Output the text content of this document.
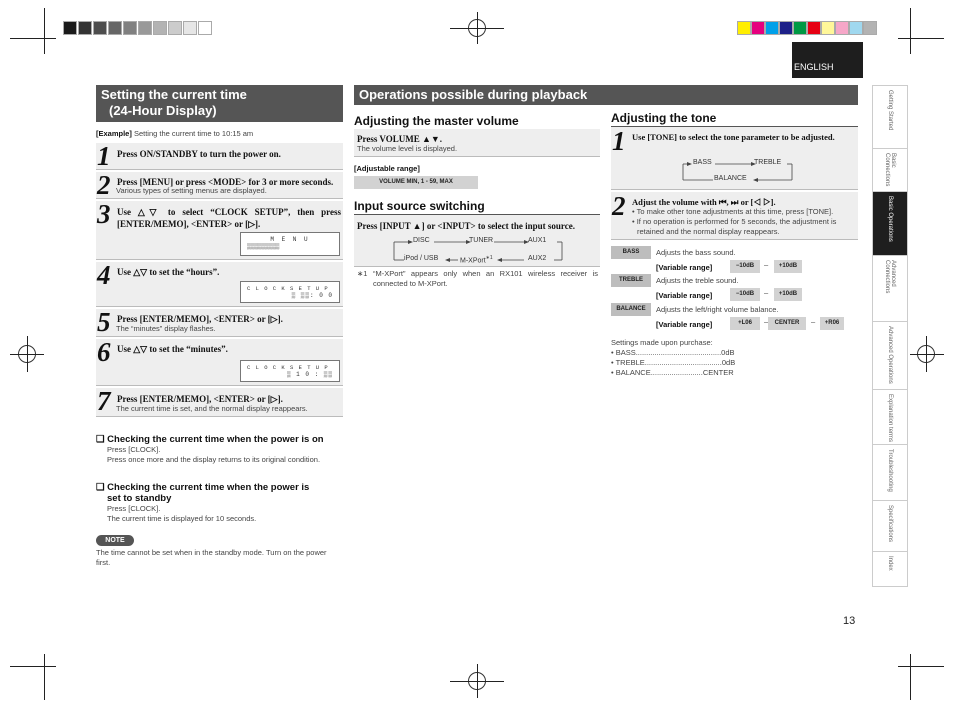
ENGLISH
Getting Started
Basic Connections
Basic Operations
Advanced Connections
Advanced Operations
Explanation terms
Troubleshooting
Specifications
Index
Setting the current time
(24-Hour Display)
[Example] Setting the current time to 10:15 am
1 Press ON/STANDBY to turn the power on.
2 Press [MENU] or press <MODE> for 3 or more seconds.
Various types of setting menus are displayed.
3 Use △▽ to select “CLOCK SETUP”, then press [ENTER/MEMO], <ENTER> or [▷].
M E N U
▒▒▒▒▒▒▒▒▒
4 Use △▽ to set the “hours”.
C L O C K S E T U P
▒ ▒▒: 0 0
5 Press [ENTER/MEMO], <ENTER> or [▷].
The “minutes” display flashes.
6 Use △▽ to set the “minutes”.
C L O C K S E T U P
▒ 1 0 : ▒▒
7 Press [ENTER/MEMO], <ENTER> or [▷].
The current time is set, and the normal display reappears.
❑ Checking the current time when the power is on
Press [CLOCK].
Press once more and the display returns to its original condition.
❑ Checking the current time when the power is
set to standby
Press [CLOCK].
The current time is displayed for 10 seconds.
NOTE
The time cannot be set when in the standby mode. Turn on the power
first.
Operations possible during playback
Adjusting the master volume
Press VOLUME ▲▼.
The volume level is displayed.
[Adjustable range]
VOLUME MIN, 1 - 59, MAX
Input source switching
Press [INPUT ▲] or <INPUT> to select the input source.
DISC	TUNER	AUX1
iPod / USB	M-XPort$^{∗1}$	AUX2
∗1 “M-XPort” appears only when an RX101 wireless receiver is
connected to M-XPort.
Adjusting the tone
1 Use [TONE] to select the tone parameter to be adjusted.
BASS	TREBLE
BALANCE
2 Adjust the volume with ⏮, ⏭ or [◁ ▷].
• To make other tone adjustments at this time, press [TONE].
• If no operation is performed for 5 seconds, the adjustment is
retained and the normal display reappears.
BASS	Adjusts the bass sound.
[Variable range]	−10dB	–	+10dB
TREBLE	Adjusts the treble sound.
[Variable range]	−10dB	–	+10dB
BALANCE	Adjusts the left/right volume balance.
[Variable range]	+L06	–	CENTER	–	+R06
Settings made upon purchase:
• BASS.........................................0dB
• TREBLE.....................................0dB
• BALANCE.........................CENTER
13
